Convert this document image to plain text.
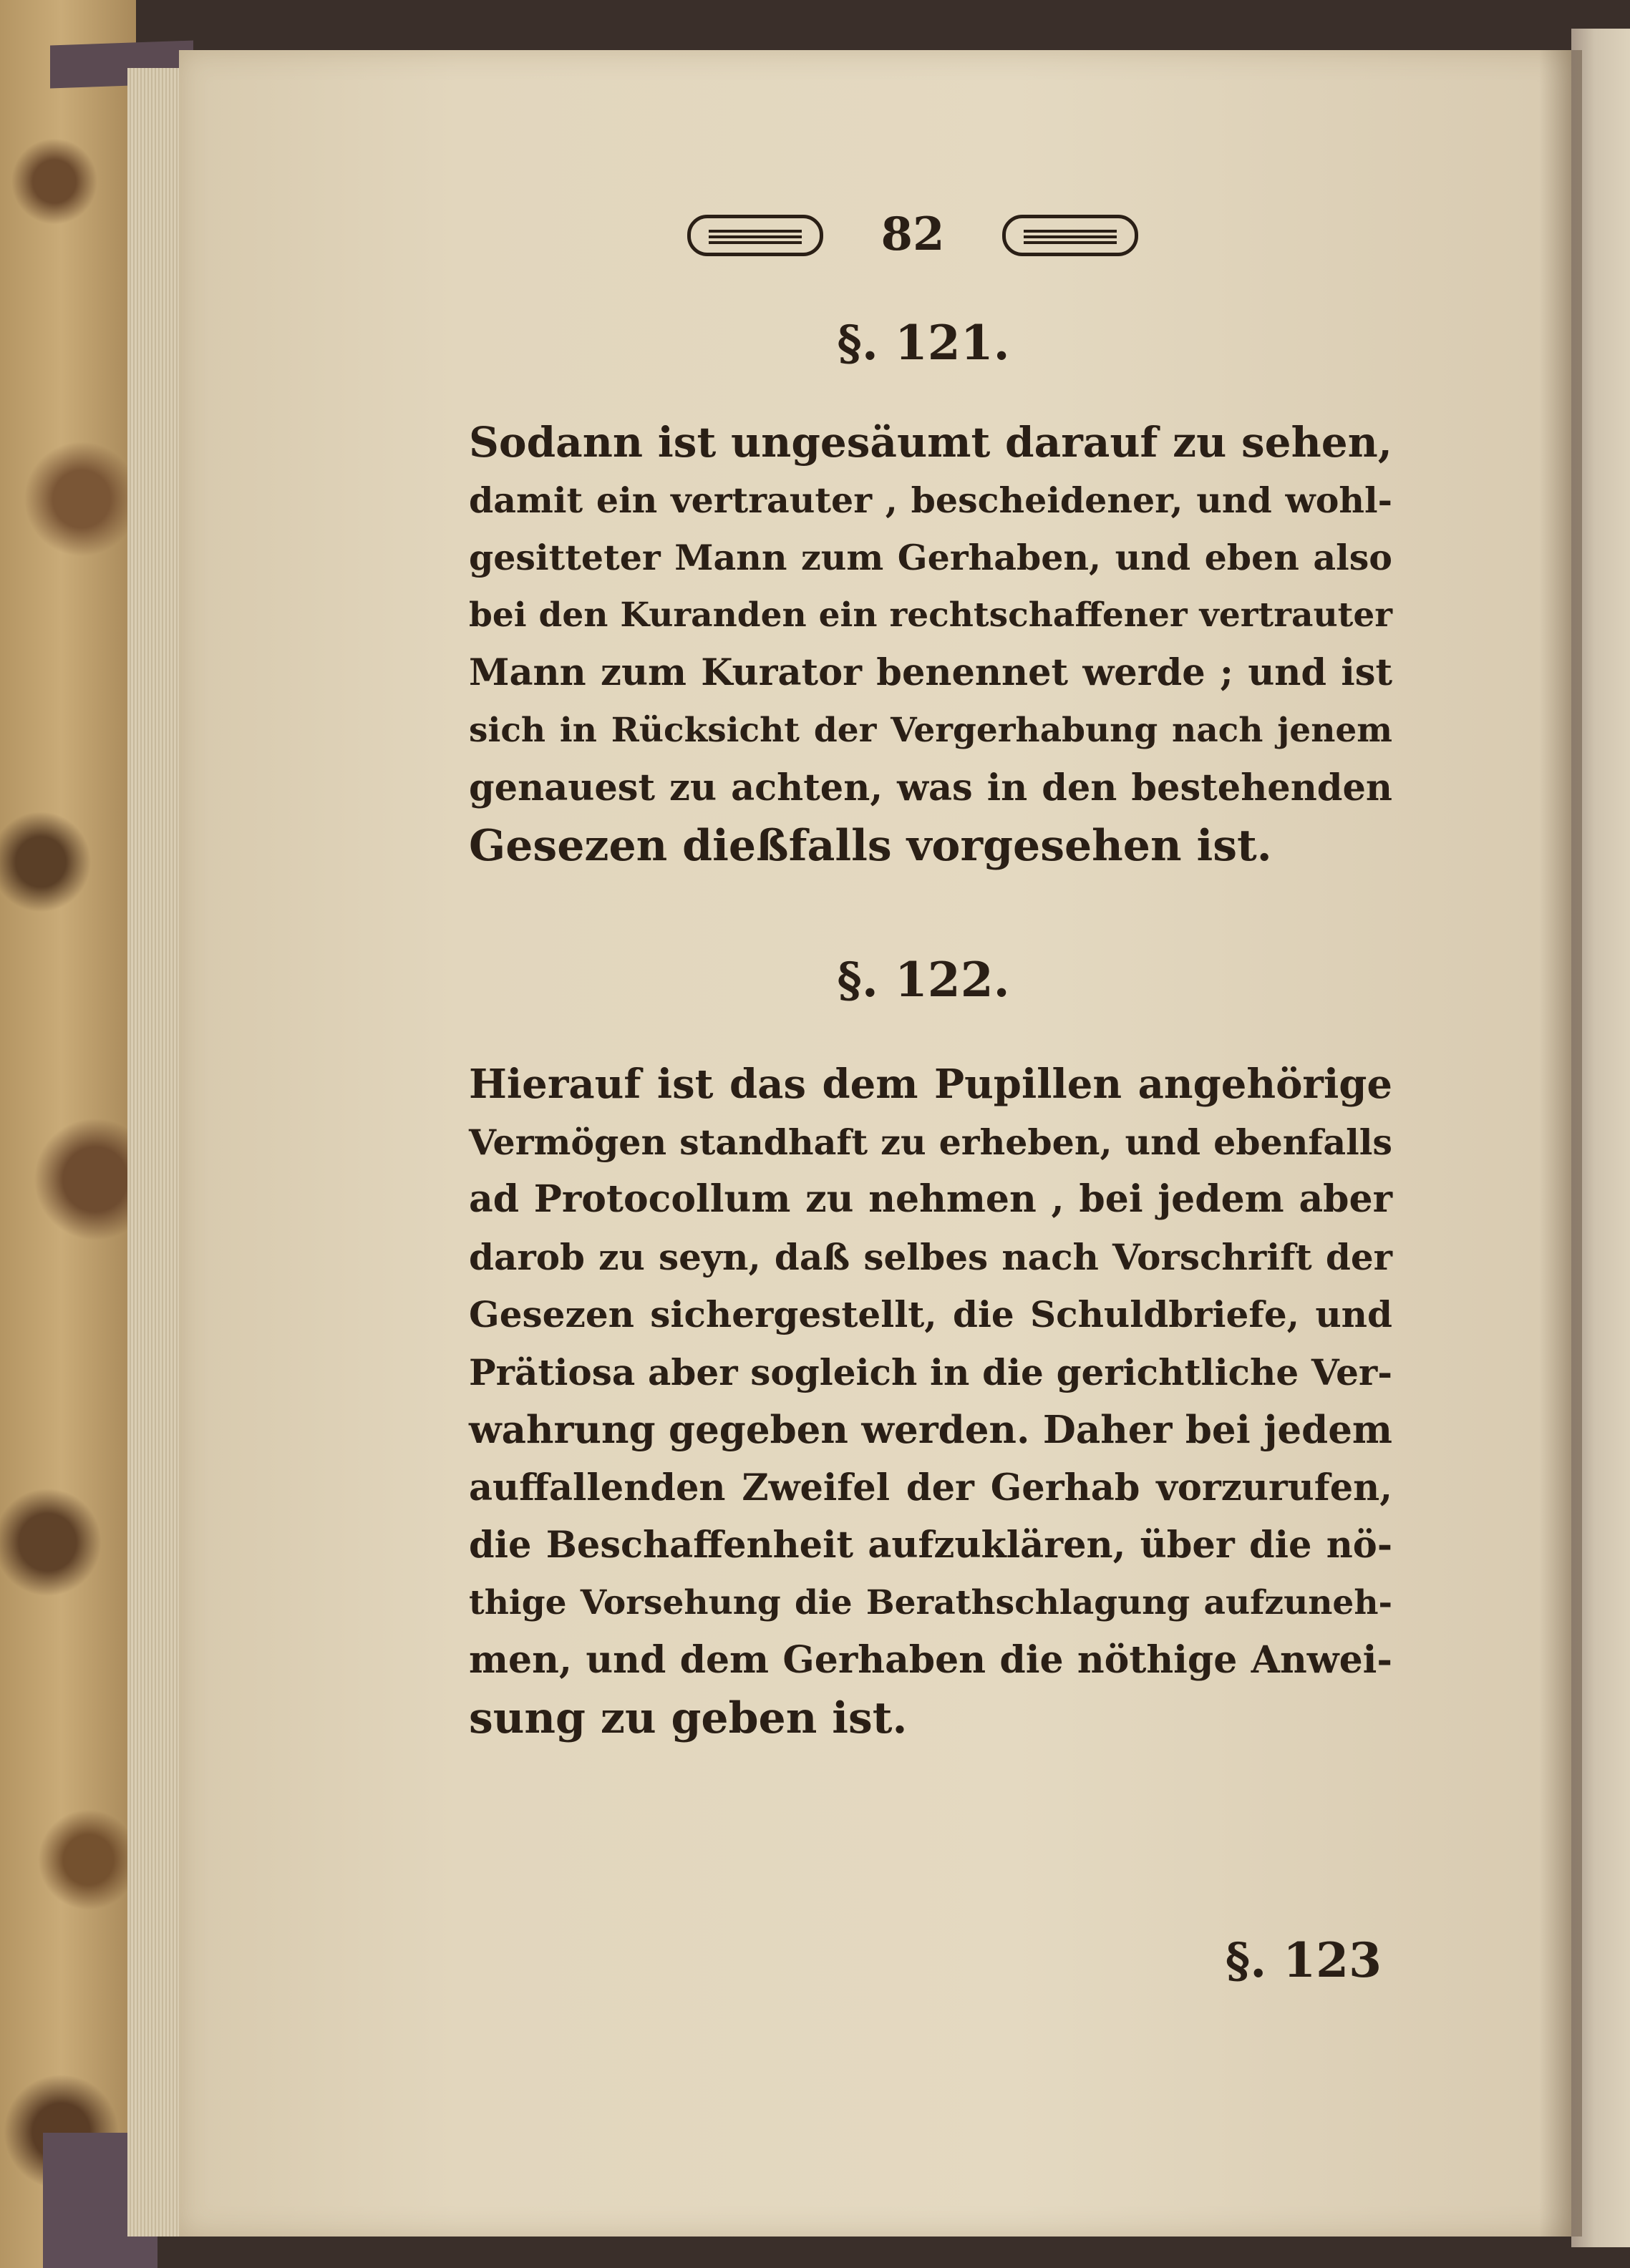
82
§. 121.
Sodann ist ungesäumt darauf zu sehen,
damit ein vertrauter , bescheidener, und wohl-
gesitteter Mann zum Gerhaben, und eben also
bei den Kuranden ein rechtschaffener vertrauter
Mann zum Kurator benennet werde ; und ist
sich in Rücksicht der Vergerhabung nach jenem
genauest zu achten, was in den bestehenden
Gesezen dießfalls vorgesehen ist.
§. 122.
Hierauf ist das dem Pupillen angehörige
Vermögen standhaft zu erheben, und ebenfalls
ad Protocollum zu nehmen , bei jedem aber
darob zu seyn, daß selbes nach Vorschrift der
Gesezen sichergestellt, die Schuldbriefe, und
Prätiosa aber sogleich in die gerichtliche Ver-
wahrung gegeben werden. Daher bei jedem
auffallenden Zweifel der Gerhab vorzurufen,
die Beschaffenheit aufzuklären, über die nö-
thige Vorsehung die Berathschlagung aufzuneh-
men, und dem Gerhaben die nöthige Anwei-
sung zu geben ist.
§. 123
